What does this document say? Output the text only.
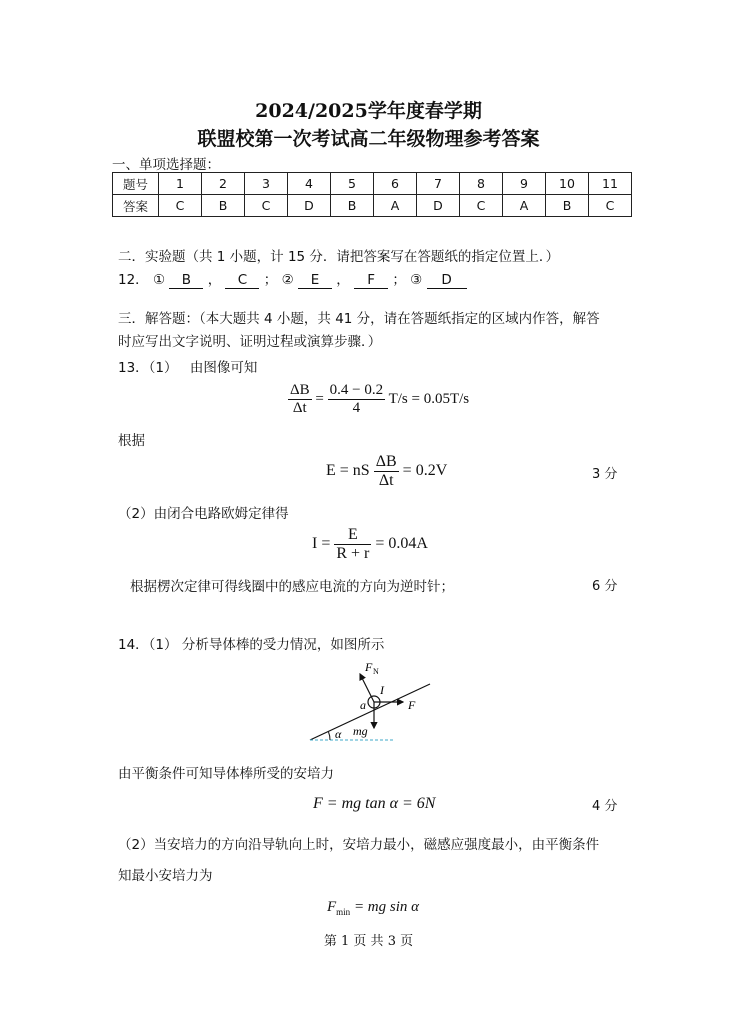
2024/2025学年度春学期
联盟校第一次考试高二年级物理参考答案
一、单项选择题：
题号	1	2	3	4	5	6	7	8	9	10	11
答案	C	B	C	D	B	A	D	C	A	B	C
二．实验题（共 1 小题，计 15 分．请把答案写在答题纸的指定位置上．）
12． ① B ， C ； ② E ， F ； ③ D
三．解答题：（本大题共 4 小题，共 41 分，请在答题纸指定的区域内作答，解答
时应写出文字说明、证明过程或演算步骤．）
13．（1） 由图像可知
$\frac{\Delta B}{\Delta t} = \frac{0.4 - 0.2}{4} T/s = 0.05T/s$
根据
E = nS $\frac{\Delta B}{\Delta t} = 0.2V$	3 分
（2）由闭合电路欧姆定律得
$I = \frac{E}{R + r} = 0.04A$
根据楞次定律可得线圈中的感应电流的方向为逆时针；	6 分
14．（1） 分析导体棒的受力情况，如图所示
α
F N
I
a	F
mg
由平衡条件可知导体棒所受的安培力
F = mg tan α = 6N	4 分
（2）当安培力的方向沿导轨向上时，安培力最小，磁感应强度最小，由平衡条件
知最小安培力为
$F_{min}$ = mg sin α
第 1 页 共 3 页
